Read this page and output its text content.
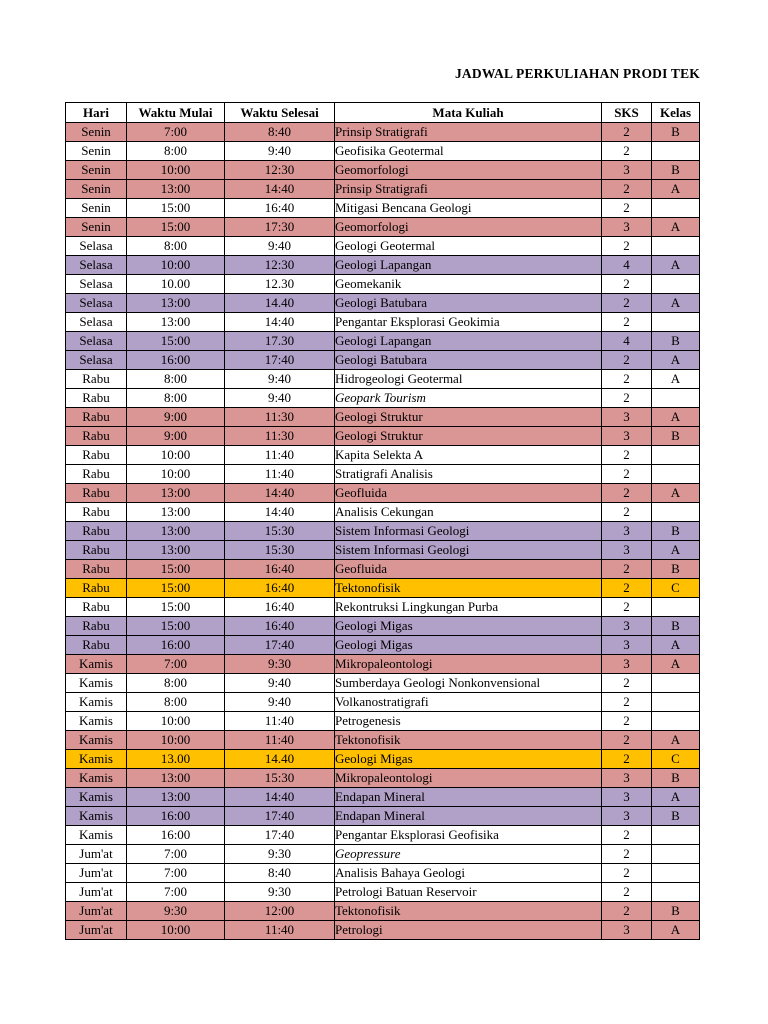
JADWAL PERKULIAHAN PRODI TEK
Hari	Waktu Mulai	Waktu Selesai	Mata Kuliah	SKS	Kelas
Senin	7:00	8:40	Prinsip Stratigrafi	2	B
Senin	8:00	9:40	Geofisika Geotermal	2	
Senin	10:00	12:30	Geomorfologi	3	B
Senin	13:00	14:40	Prinsip Stratigrafi	2	A
Senin	15:00	16:40	Mitigasi Bencana Geologi	2	
Senin	15:00	17:30	Geomorfologi	3	A
Selasa	8:00	9:40	Geologi Geotermal	2	
Selasa	10:00	12:30	Geologi Lapangan	4	A
Selasa	10.00	12.30	Geomekanik	2	
Selasa	13:00	14.40	Geologi Batubara	2	A
Selasa	13:00	14:40	Pengantar Eksplorasi Geokimia	2	
Selasa	15:00	17.30	Geologi Lapangan	4	B
Selasa	16:00	17:40	Geologi Batubara	2	A
Rabu	8:00	9:40	Hidrogeologi Geotermal	2	A
Rabu	8:00	9:40	Geopark Tourism	2	
Rabu	9:00	11:30	Geologi Struktur	3	A
Rabu	9:00	11:30	Geologi Struktur	3	B
Rabu	10:00	11:40	Kapita Selekta A	2	
Rabu	10:00	11:40	Stratigrafi Analisis	2	
Rabu	13:00	14:40	Geofluida	2	A
Rabu	13:00	14:40	Analisis Cekungan	2	
Rabu	13:00	15:30	Sistem Informasi Geologi	3	B
Rabu	13:00	15:30	Sistem Informasi Geologi	3	A
Rabu	15:00	16:40	Geofluida	2	B
Rabu	15:00	16:40	Tektonofisik	2	C
Rabu	15:00	16:40	Rekontruksi Lingkungan Purba	2	
Rabu	15:00	16:40	Geologi Migas	3	B
Rabu	16:00	17:40	Geologi Migas	3	A
Kamis	7:00	9:30	Mikropaleontologi	3	A
Kamis	8:00	9:40	Sumberdaya Geologi Nonkonvensional	2	
Kamis	8:00	9:40	Volkanostratigrafi	2	
Kamis	10:00	11:40	Petrogenesis	2	
Kamis	10:00	11:40	Tektonofisik	2	A
Kamis	13.00	14.40	Geologi Migas	2	C
Kamis	13:00	15:30	Mikropaleontologi	3	B
Kamis	13:00	14:40	Endapan Mineral	3	A
Kamis	16:00	17:40	Endapan Mineral	3	B
Kamis	16:00	17:40	Pengantar Eksplorasi Geofisika	2	
Jum'at	7:00	9:30	Geopressure	2	
Jum'at	7:00	8:40	Analisis Bahaya Geologi	2	
Jum'at	7:00	9:30	Petrologi Batuan Reservoir	2	
Jum'at	9:30	12:00	Tektonofisik	2	B
Jum'at	10:00	11:40	Petrologi	3	A
